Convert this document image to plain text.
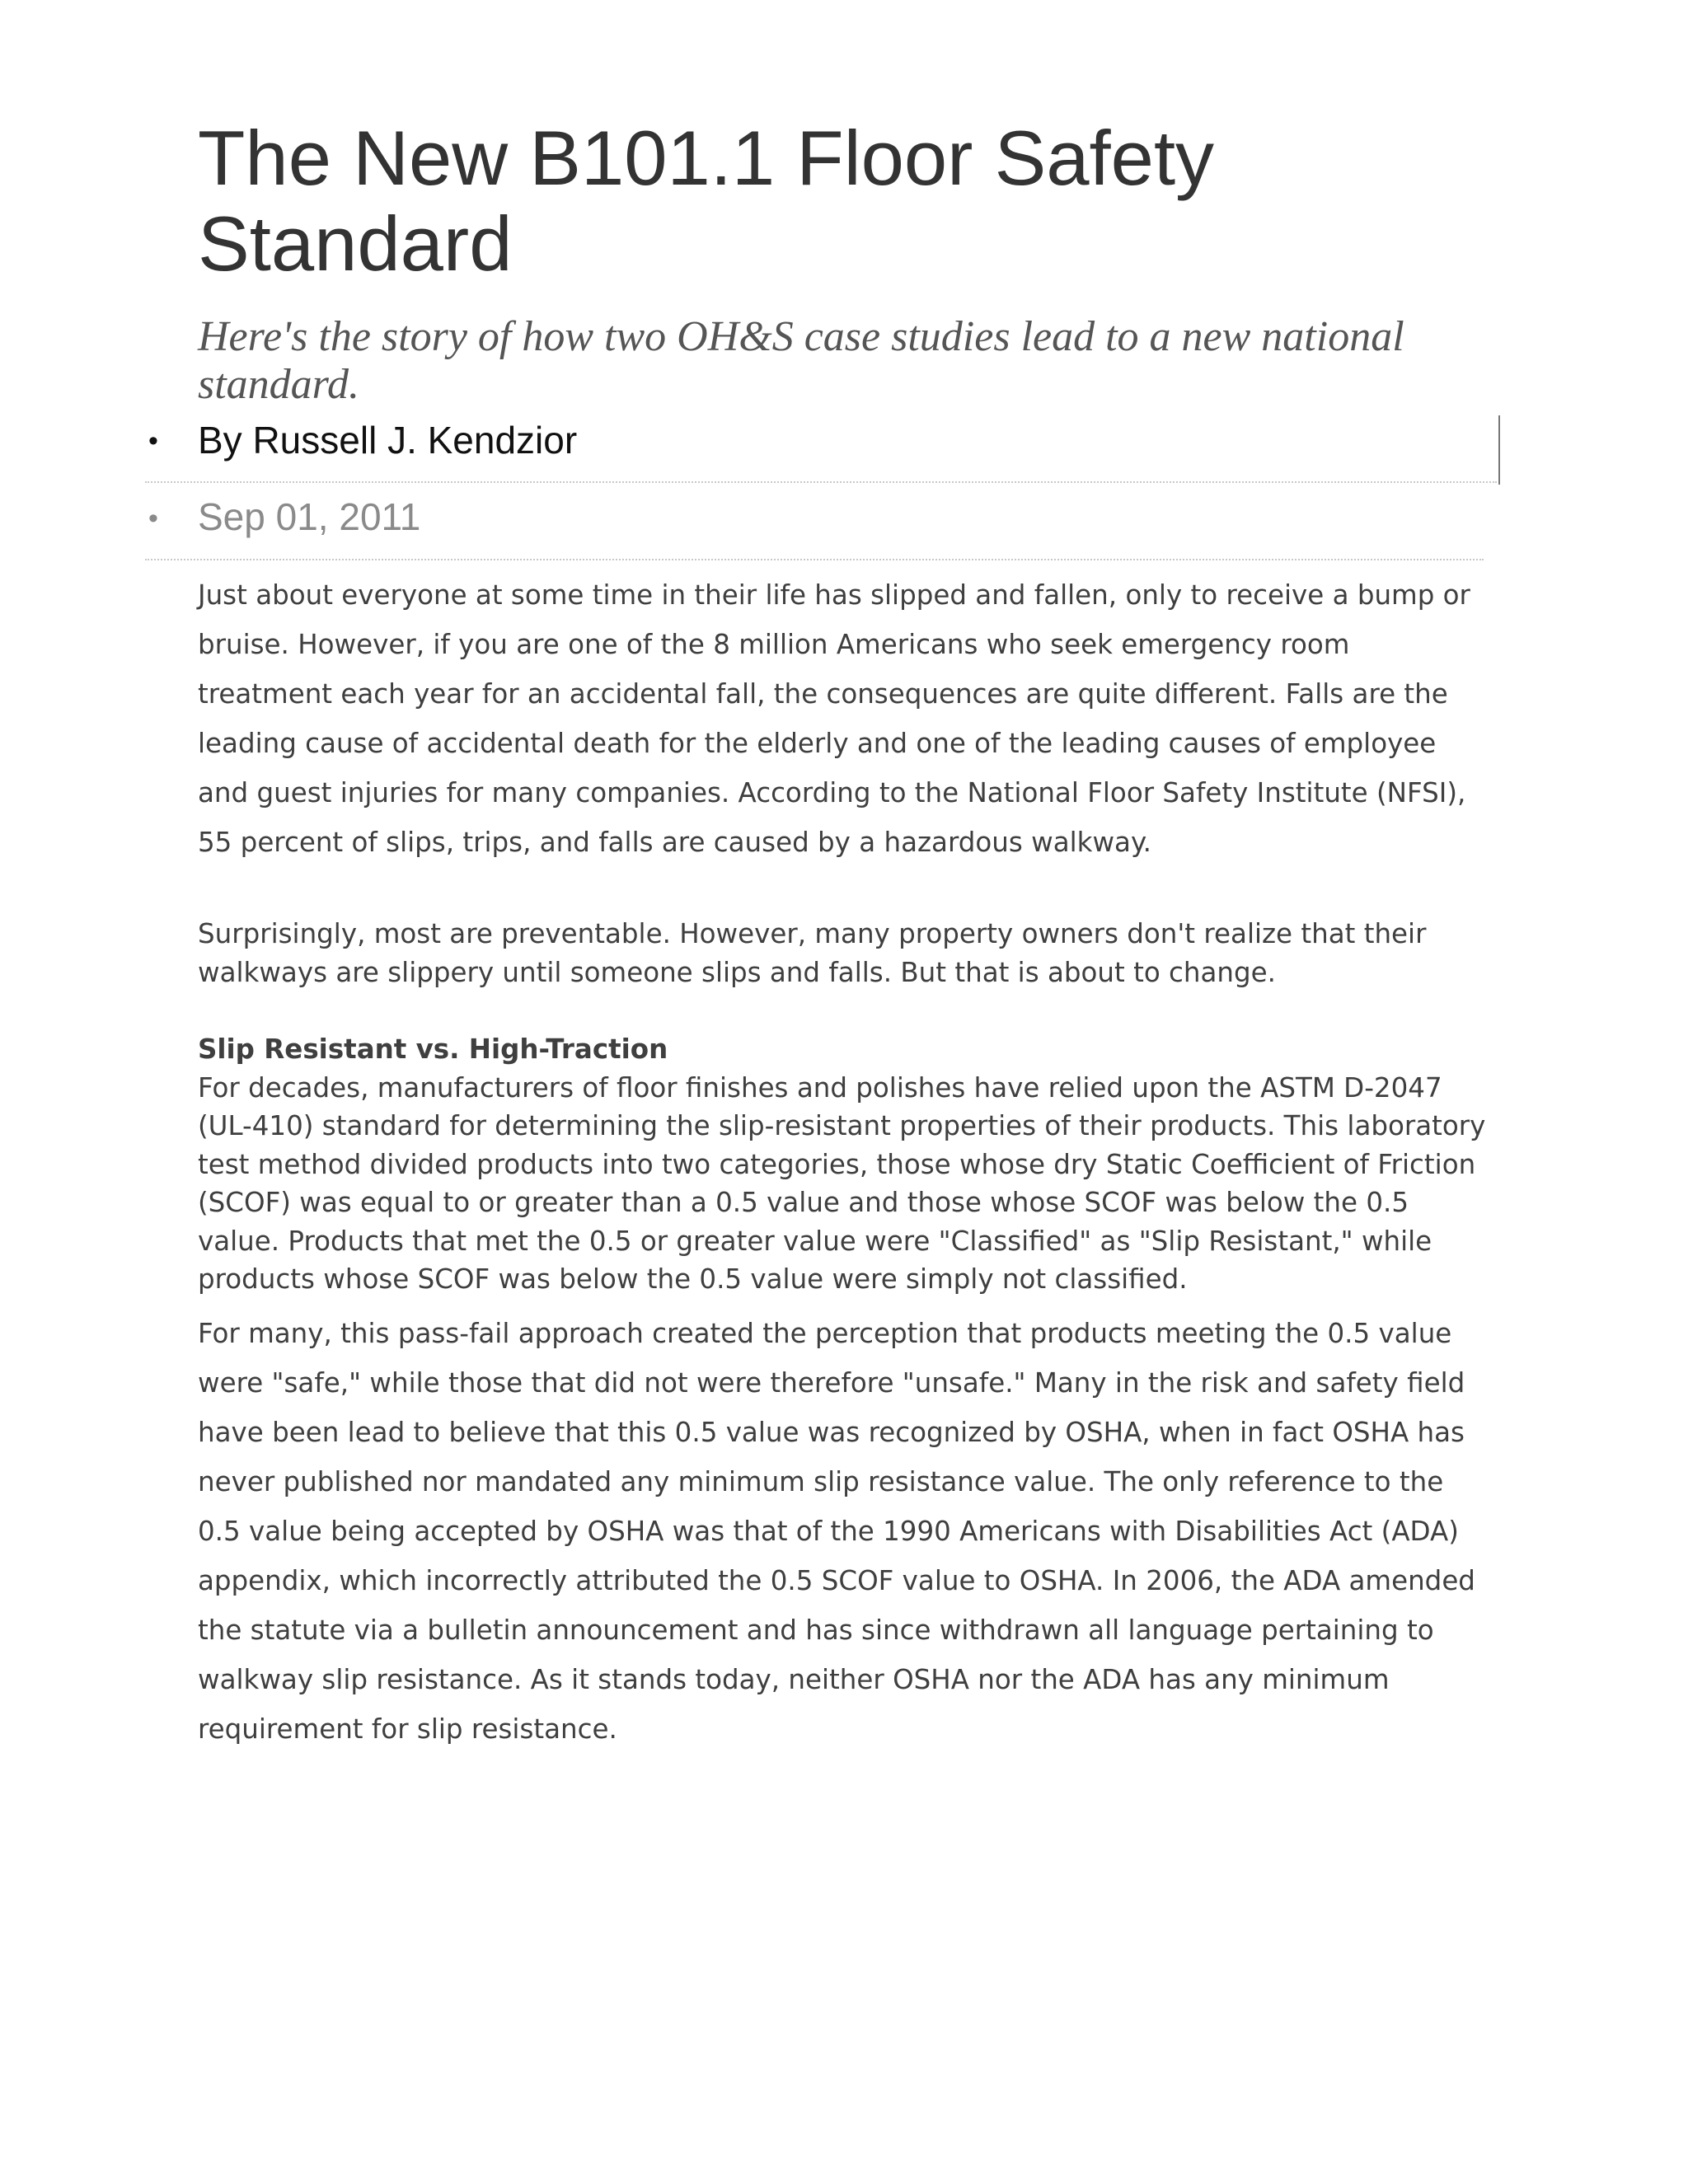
The New B101.1 Floor Safety Standard

Here's the story of how two OH&S case studies lead to a new national standard.

• By Russell J. Kendzior
• Sep 01, 2011

Just about everyone at some time in their life has slipped and fallen, only to receive a bump or bruise. However, if you are one of the 8 million Americans who seek emergency room treatment each year for an accidental fall, the consequences are quite different. Falls are the leading cause of accidental death for the elderly and one of the leading causes of employee and guest injuries for many companies. According to the National Floor Safety Institute (NFSI), 55 percent of slips, trips, and falls are caused by a hazardous walkway.

Surprisingly, most are preventable. However, many property owners don't realize that their walkways are slippery until someone slips and falls. But that is about to change.

Slip Resistant vs. High-Traction
For decades, manufacturers of floor finishes and polishes have relied upon the ASTM D-2047 (UL-410) standard for determining the slip-resistant properties of their products. This laboratory test method divided products into two categories, those whose dry Static Coefficient of Friction (SCOF) was equal to or greater than a 0.5 value and those whose SCOF was below the 0.5 value. Products that met the 0.5 or greater value were "Classified" as "Slip Resistant," while products whose SCOF was below the 0.5 value were simply not classified.

For many, this pass-fail approach created the perception that products meeting the 0.5 value were "safe," while those that did not were therefore "unsafe." Many in the risk and safety field have been lead to believe that this 0.5 value was recognized by OSHA, when in fact OSHA has never published nor mandated any minimum slip resistance value. The only reference to the 0.5 value being accepted by OSHA was that of the 1990 Americans with Disabilities Act (ADA) appendix, which incorrectly attributed the 0.5 SCOF value to OSHA. In 2006, the ADA amended the statute via a bulletin announcement and has since withdrawn all language pertaining to walkway slip resistance. As it stands today, neither OSHA nor the ADA has any minimum requirement for slip resistance.
